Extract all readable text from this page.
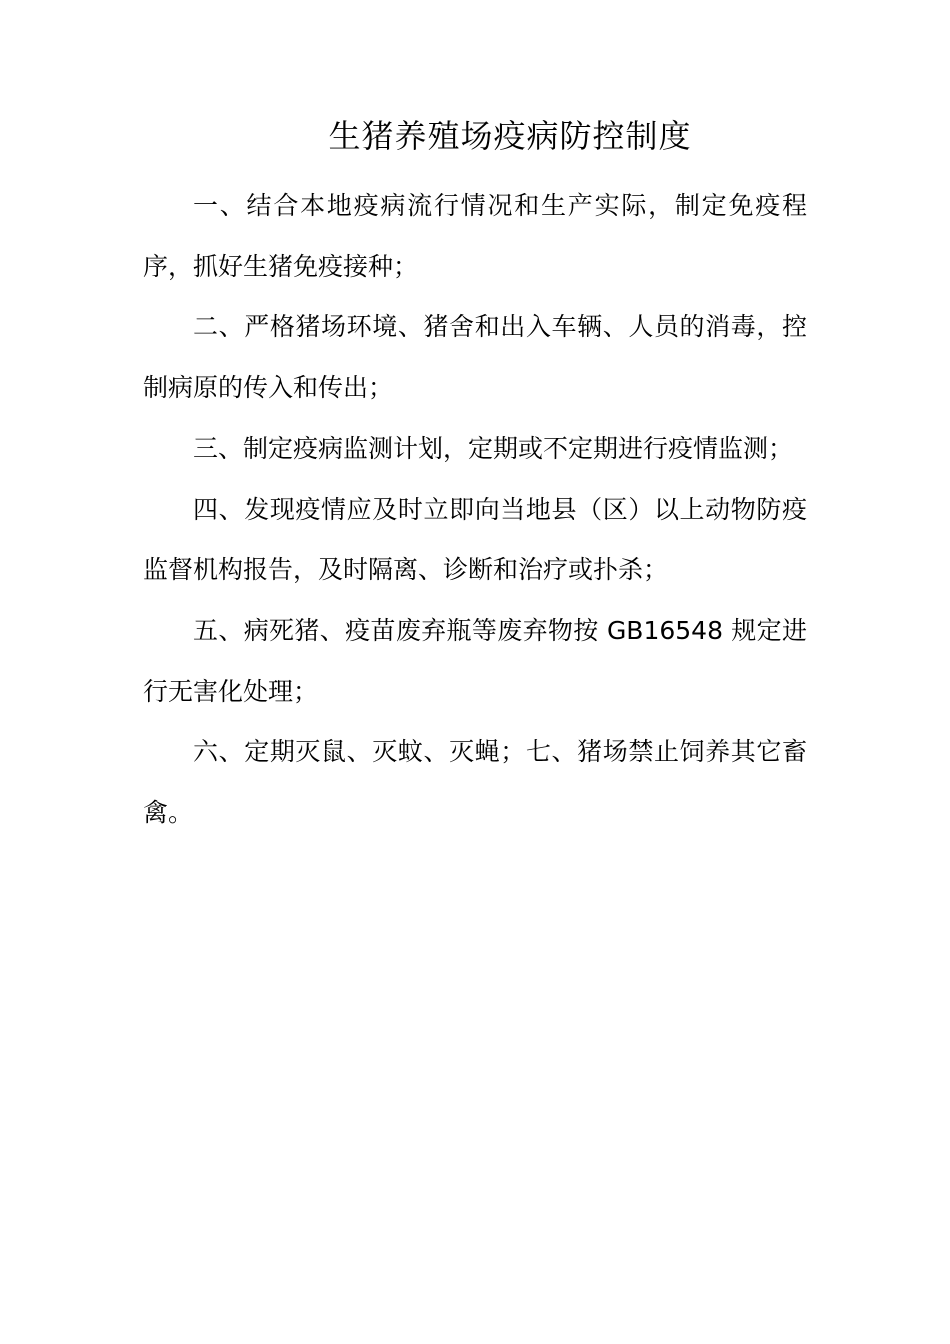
生猪养殖场疫病防控制度

一、结合本地疫病流行情况和生产实际，制定免疫程序，抓好生猪免疫接种；

二、严格猪场环境、猪舍和出入车辆、人员的消毒，控制病原的传入和传出；

三、制定疫病监测计划，定期或不定期进行疫情监测；

四、发现疫情应及时立即向当地县（区）以上动物防疫监督机构报告，及时隔离、诊断和治疗或扑杀；

五、病死猪、疫苗废弃瓶等废弃物按 GB16548 规定进行无害化处理；

六、定期灭鼠、灭蚊、灭蝇；七、猪场禁止饲养其它畜禽。
